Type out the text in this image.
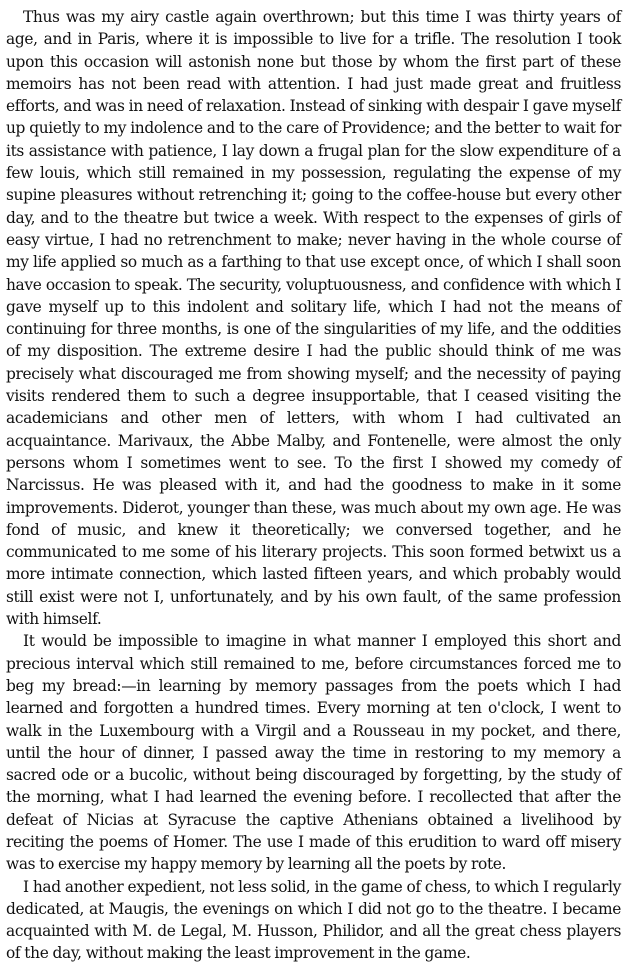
Thus was my airy castle again overthrown; but this time I was thirty years of age, and in Paris, where it is impossible to live for a trifle. The resolution I took upon this occasion will astonish none but those by whom the first part of these memoirs has not been read with attention. I had just made great and fruitless efforts, and was in need of relaxation. Instead of sinking with despair I gave myself up quietly to my indolence and to the care of Providence; and the better to wait for its assistance with patience, I lay down a frugal plan for the slow expenditure of a few louis, which still remained in my possession, regulating the expense of my supine pleasures without retrenching it; going to the coffee-house but every other day, and to the theatre but twice a week. With respect to the expenses of girls of easy virtue, I had no retrenchment to make; never having in the whole course of my life applied so much as a farthing to that use except once, of which I shall soon have occasion to speak. The security, voluptuousness, and confidence with which I gave myself up to this indolent and solitary life, which I had not the means of continuing for three months, is one of the singularities of my life, and the oddities of my disposition. The extreme desire I had the public should think of me was precisely what discouraged me from showing myself; and the necessity of paying visits rendered them to such a degree insupportable, that I ceased visiting the academicians and other men of letters, with whom I had cultivated an acquaintance. Marivaux, the Abbe Malby, and Fontenelle, were almost the only persons whom I sometimes went to see. To the first I showed my comedy of Narcissus. He was pleased with it, and had the goodness to make in it some improvements. Diderot, younger than these, was much about my own age. He was fond of music, and knew it theoretically; we conversed together, and he communicated to me some of his literary projects. This soon formed betwixt us a more intimate connection, which lasted fifteen years, and which probably would still exist were not I, unfortunately, and by his own fault, of the same profession with himself.

It would be impossible to imagine in what manner I employed this short and precious interval which still remained to me, before circumstances forced me to beg my bread:—in learning by memory passages from the poets which I had learned and forgotten a hundred times. Every morning at ten o'clock, I went to walk in the Luxembourg with a Virgil and a Rousseau in my pocket, and there, until the hour of dinner, I passed away the time in restoring to my memory a sacred ode or a bucolic, without being discouraged by forgetting, by the study of the morning, what I had learned the evening before. I recollected that after the defeat of Nicias at Syracuse the captive Athenians obtained a livelihood by reciting the poems of Homer. The use I made of this erudition to ward off misery was to exercise my happy memory by learning all the poets by rote.

I had another expedient, not less solid, in the game of chess, to which I regularly dedicated, at Maugis, the evenings on which I did not go to the theatre. I became acquainted with M. de Legal, M. Husson, Philidor, and all the great chess players of the day, without making the least improvement in the game.
